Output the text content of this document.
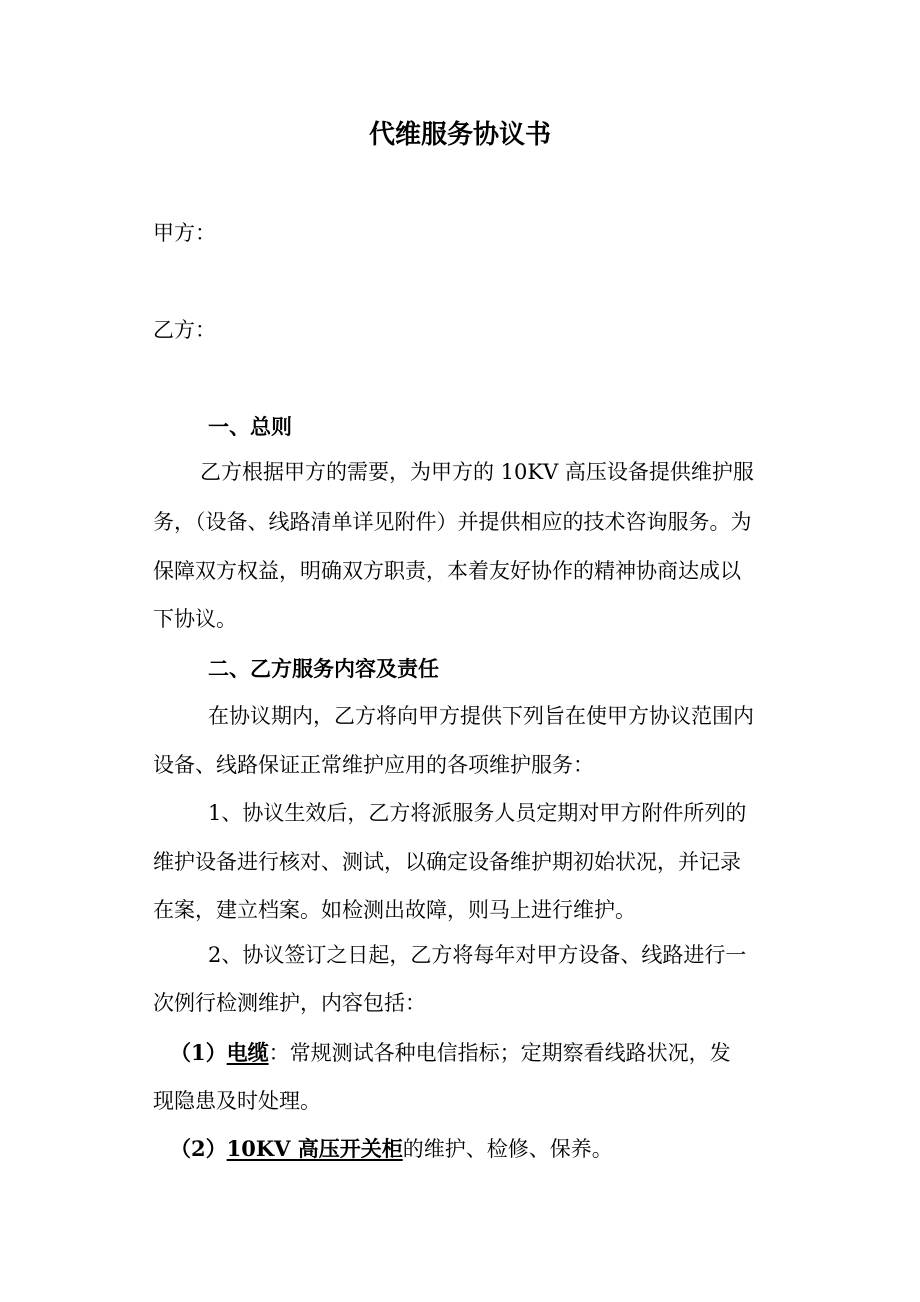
代维服务协议书
甲方：
乙方：
一、总则
乙方根据甲方的需要，为甲方的 10KV 高压设备提供维护服
务，（设备、线路清单详见附件）并提供相应的技术咨询服务。为
保障双方权益，明确双方职责，本着友好协作的精神协商达成以
下协议。
二、乙方服务内容及责任
在协议期内，乙方将向甲方提供下列旨在使甲方协议范围内
设备、线路保证正常维护应用的各项维护服务：
1、协议生效后，乙方将派服务人员定期对甲方附件所列的
维护设备进行核对、测试，以确定设备维护期初始状况，并记录
在案，建立档案。如检测出故障，则马上进行维护。
2、协议签订之日起，乙方将每年对甲方设备、线路进行一
次例行检测维护，内容包括：
（1）电缆：常规测试各种电信指标；定期察看线路状况，发
现隐患及时处理。
（2）10KV 高压开关柜的维护、检修、保养。
